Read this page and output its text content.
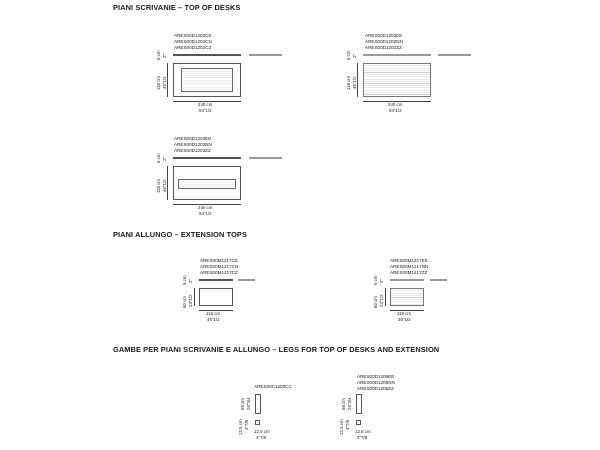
PIANI SCRIVANIE – TOP OF DESKS
PIANI ALLUNGO – EXTENSION TOPS
GAMBE PER PIANI SCRIVANIE E ALLUNGO – LEGS FOR TOP OF DESKS AND EXTENSION
ARES00D1202CE
ARES00D1202CN
ARES00D1202CZ
5 cm 2"
118 cm 46"1/2
240 cm
94"1/2
ARES00D1202EE
ARES00D1202NN
ARES00D1202ZZ
5 cm 2"
118 cm 46"1/2
240 cm
94"1/2
ARES00D1203EE
ARES00D1203NN
ARES00D1203ZZ
5 cm 2"
118 cm 46"1/2
240 cm
94"1/2
ARES00M1217CE
ARES00M1217CN
ARES00M1217CZ
5 cm 2"
60 cm 23"1/2
118 cm
46"1/2
ARES00M1217EE
ARES00M1217NN
ARES00M1217ZZ
5 cm 2"
60 cm 23"1/2
118 cm
46"1/2
ARES00C1200CC
68 cm 26"3/4
12.5 cm 4"7/8
12,5 cm
4"7/8
ARES00D1206EE
ARES00D1206NN
ARES00D1206ZZ
68 cm 26"3/4
12.5 cm 4"7/8
12,5 cm
4"7/8
